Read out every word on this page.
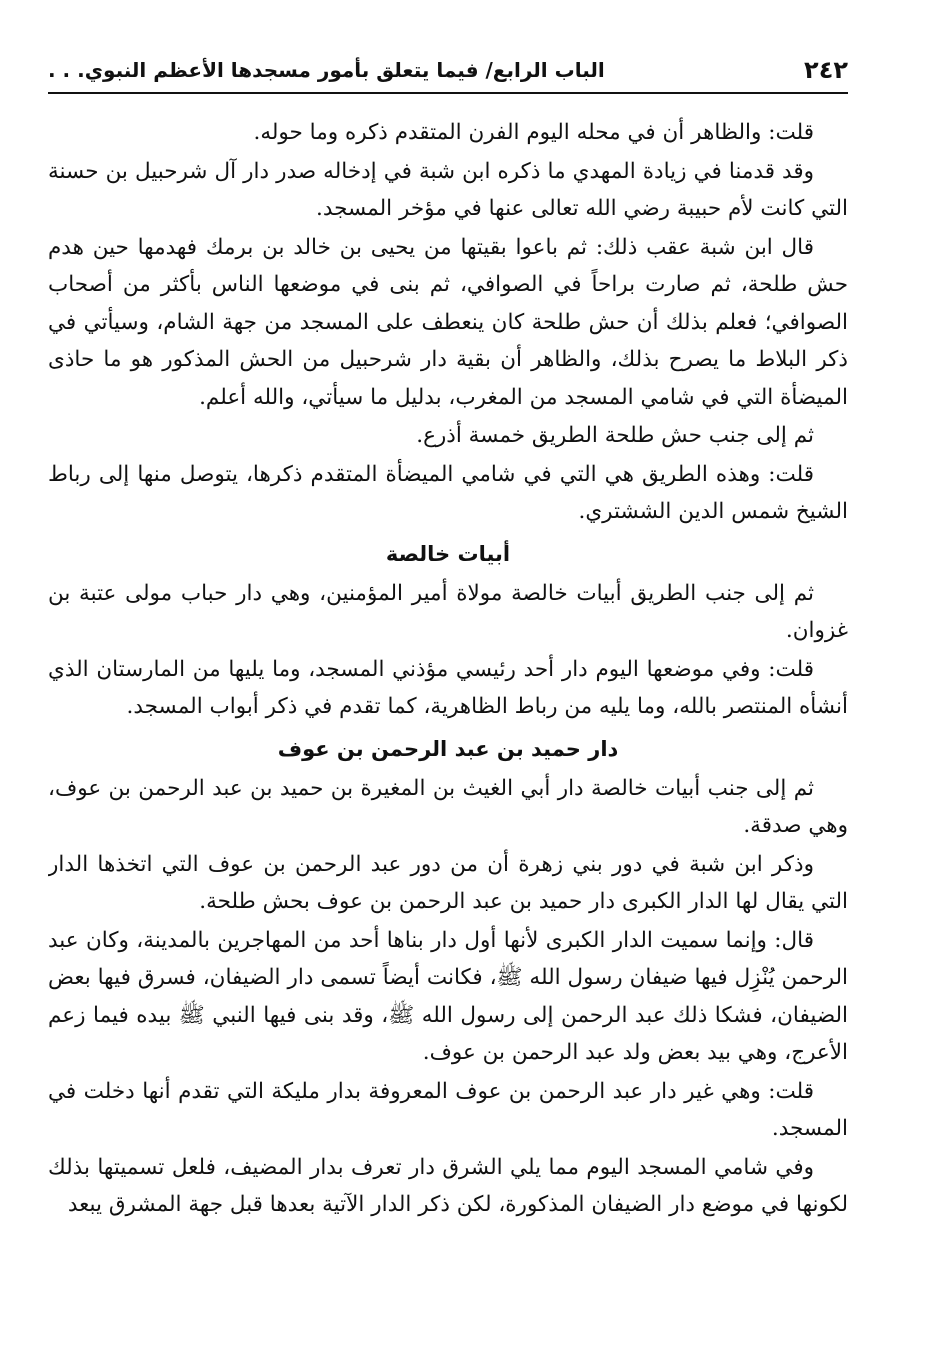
٢٤٢
الباب الرابع/ فيما يتعلق بأمور مسجدها الأعظم النبوي. . .

قلت: والظاهر أن في محله اليوم الفرن المتقدم ذكره وما حوله.

وقد قدمنا في زيادة المهدي ما ذكره ابن شبة في إدخاله صدر دار آل شرحبيل بن حسنة التي كانت لأم حبيبة رضي الله تعالى عنها في مؤخر المسجد.

قال ابن شبة عقب ذلك: ثم باعوا بقيتها من يحيى بن خالد بن برمك فهدمها حين هدم حش طلحة، ثم صارت براحاً في الصوافي، ثم بنى في موضعها الناس بأكثر من أصحاب الصوافي؛ فعلم بذلك أن حش طلحة كان ينعطف على المسجد من جهة الشام، وسيأتي في ذكر البلاط ما يصرح بذلك، والظاهر أن بقية دار شرحبيل من الحش المذكور هو ما حاذى الميضأة التي في شامي المسجد من المغرب، بدليل ما سيأتي، والله أعلم.

ثم إلى جنب حش طلحة الطريق خمسة أذرع.

قلت: وهذه الطريق هي التي في شامي الميضأة المتقدم ذكرها، يتوصل منها إلى رباط الشيخ شمس الدين الششتري.

أبيات خالصة

ثم إلى جنب الطريق أبيات خالصة مولاة أمير المؤمنين، وهي دار حباب مولى عتبة بن غزوان.

قلت: وفي موضعها اليوم دار أحد رئيسي مؤذني المسجد، وما يليها من المارستان الذي أنشأه المنتصر بالله، وما يليه من رباط الظاهرية، كما تقدم في ذكر أبواب المسجد.

دار حميد بن عبد الرحمن بن عوف

ثم إلى جنب أبيات خالصة دار أبي الغيث بن المغيرة بن حميد بن عبد الرحمن بن عوف، وهي صدقة.

وذكر ابن شبة في دور بني زهرة أن من دور عبد الرحمن بن عوف التي اتخذها الدار التي يقال لها الدار الكبرى دار حميد بن عبد الرحمن بن عوف بحش طلحة.

قال: وإنما سميت الدار الكبرى لأنها أول دار بناها أحد من المهاجرين بالمدينة، وكان عبد الرحمن يُنْزِل فيها ضيفان رسول الله ﷺ، فكانت أيضاً تسمى دار الضيفان، فسرق فيها بعض الضيفان، فشكا ذلك عبد الرحمن إلى رسول الله ﷺ، وقد بنى فيها النبي ﷺ بيده فيما زعم الأعرج، وهي بيد بعض ولد عبد الرحمن بن عوف.

قلت: وهي غير دار عبد الرحمن بن عوف المعروفة بدار مليكة التي تقدم أنها دخلت في المسجد.

وفي شامي المسجد اليوم مما يلي الشرق دار تعرف بدار المضيف، فلعل تسميتها بذلك لكونها في موضع دار الضيفان المذكورة، لكن ذكر الدار الآتية بعدها قبل جهة المشرق يبعد
